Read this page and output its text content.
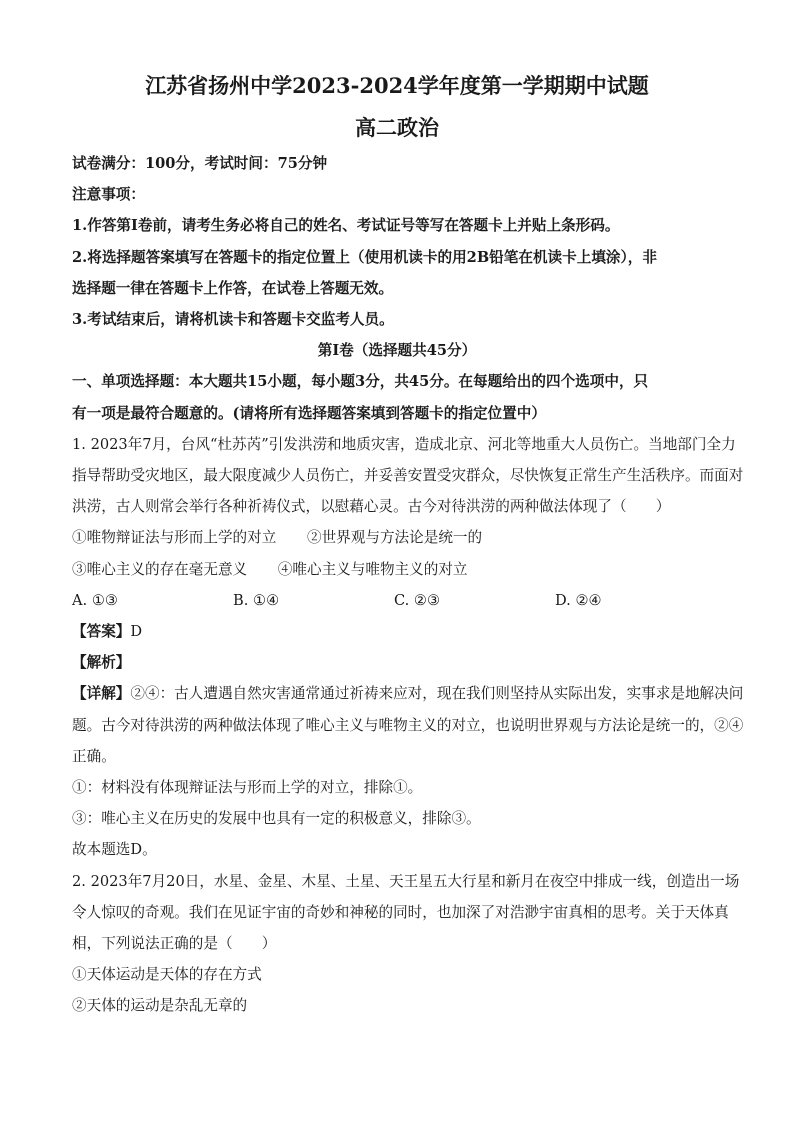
江苏省扬州中学2023-2024学年度第一学期期中试题
高二政治
试卷满分：100分，考试时间：75分钟
注意事项：
1.作答第Ⅰ卷前，请考生务必将自己的姓名、考试证号等写在答题卡上并贴上条形码。
2.将选择题答案填写在答题卡的指定位置上（使用机读卡的用2B铅笔在机读卡上填涂），非
选择题一律在答题卡上作答，在试卷上答题无效。
3.考试结束后，请将机读卡和答题卡交监考人员。
第Ⅰ卷（选择题共45分）
一、单项选择题：本大题共15小题，每小题3分，共45分。在每题给出的四个选项中，只
有一项是最符合题意的。(请将所有选择题答案填到答题卡的指定位置中）
1. 2023年7月，台风“杜苏芮”引发洪涝和地质灾害，造成北京、河北等地重大人员伤亡。当地部门全力
指导帮助受灾地区，最大限度减少人员伤亡，并妥善安置受灾群众，尽快恢复正常生产生活秩序。而面对
洪涝，古人则常会举行各种祈祷仪式，以慰藉心灵。古今对待洪涝的两种做法体现了（　　）
①唯物辩证法与形而上学的对立 ②世界观与方法论是统一的
③唯心主义的存在毫无意义 ④唯心主义与唯物主义的对立
A. ①③	B. ①④	C. ②③	D. ②④
【答案】D
【解析】
【详解】②④：古人遭遇自然灾害通常通过祈祷来应对，现在我们则坚持从实际出发，实事求是地解决问
题。古今对待洪涝的两种做法体现了唯心主义与唯物主义的对立，也说明世界观与方法论是统一的，②④
正确。
①：材料没有体现辩证法与形而上学的对立，排除①。
③：唯心主义在历史的发展中也具有一定的积极意义，排除③。
故本题选D。
2. 2023年7月20日，水星、金星、木星、土星、天王星五大行星和新月在夜空中排成一线，创造出一场
令人惊叹的奇观。我们在见证宇宙的奇妙和神秘的同时，也加深了对浩渺宇宙真相的思考。关于天体真
相，下列说法正确的是（　　）
①天体运动是天体的存在方式
②天体的运动是杂乱无章的
